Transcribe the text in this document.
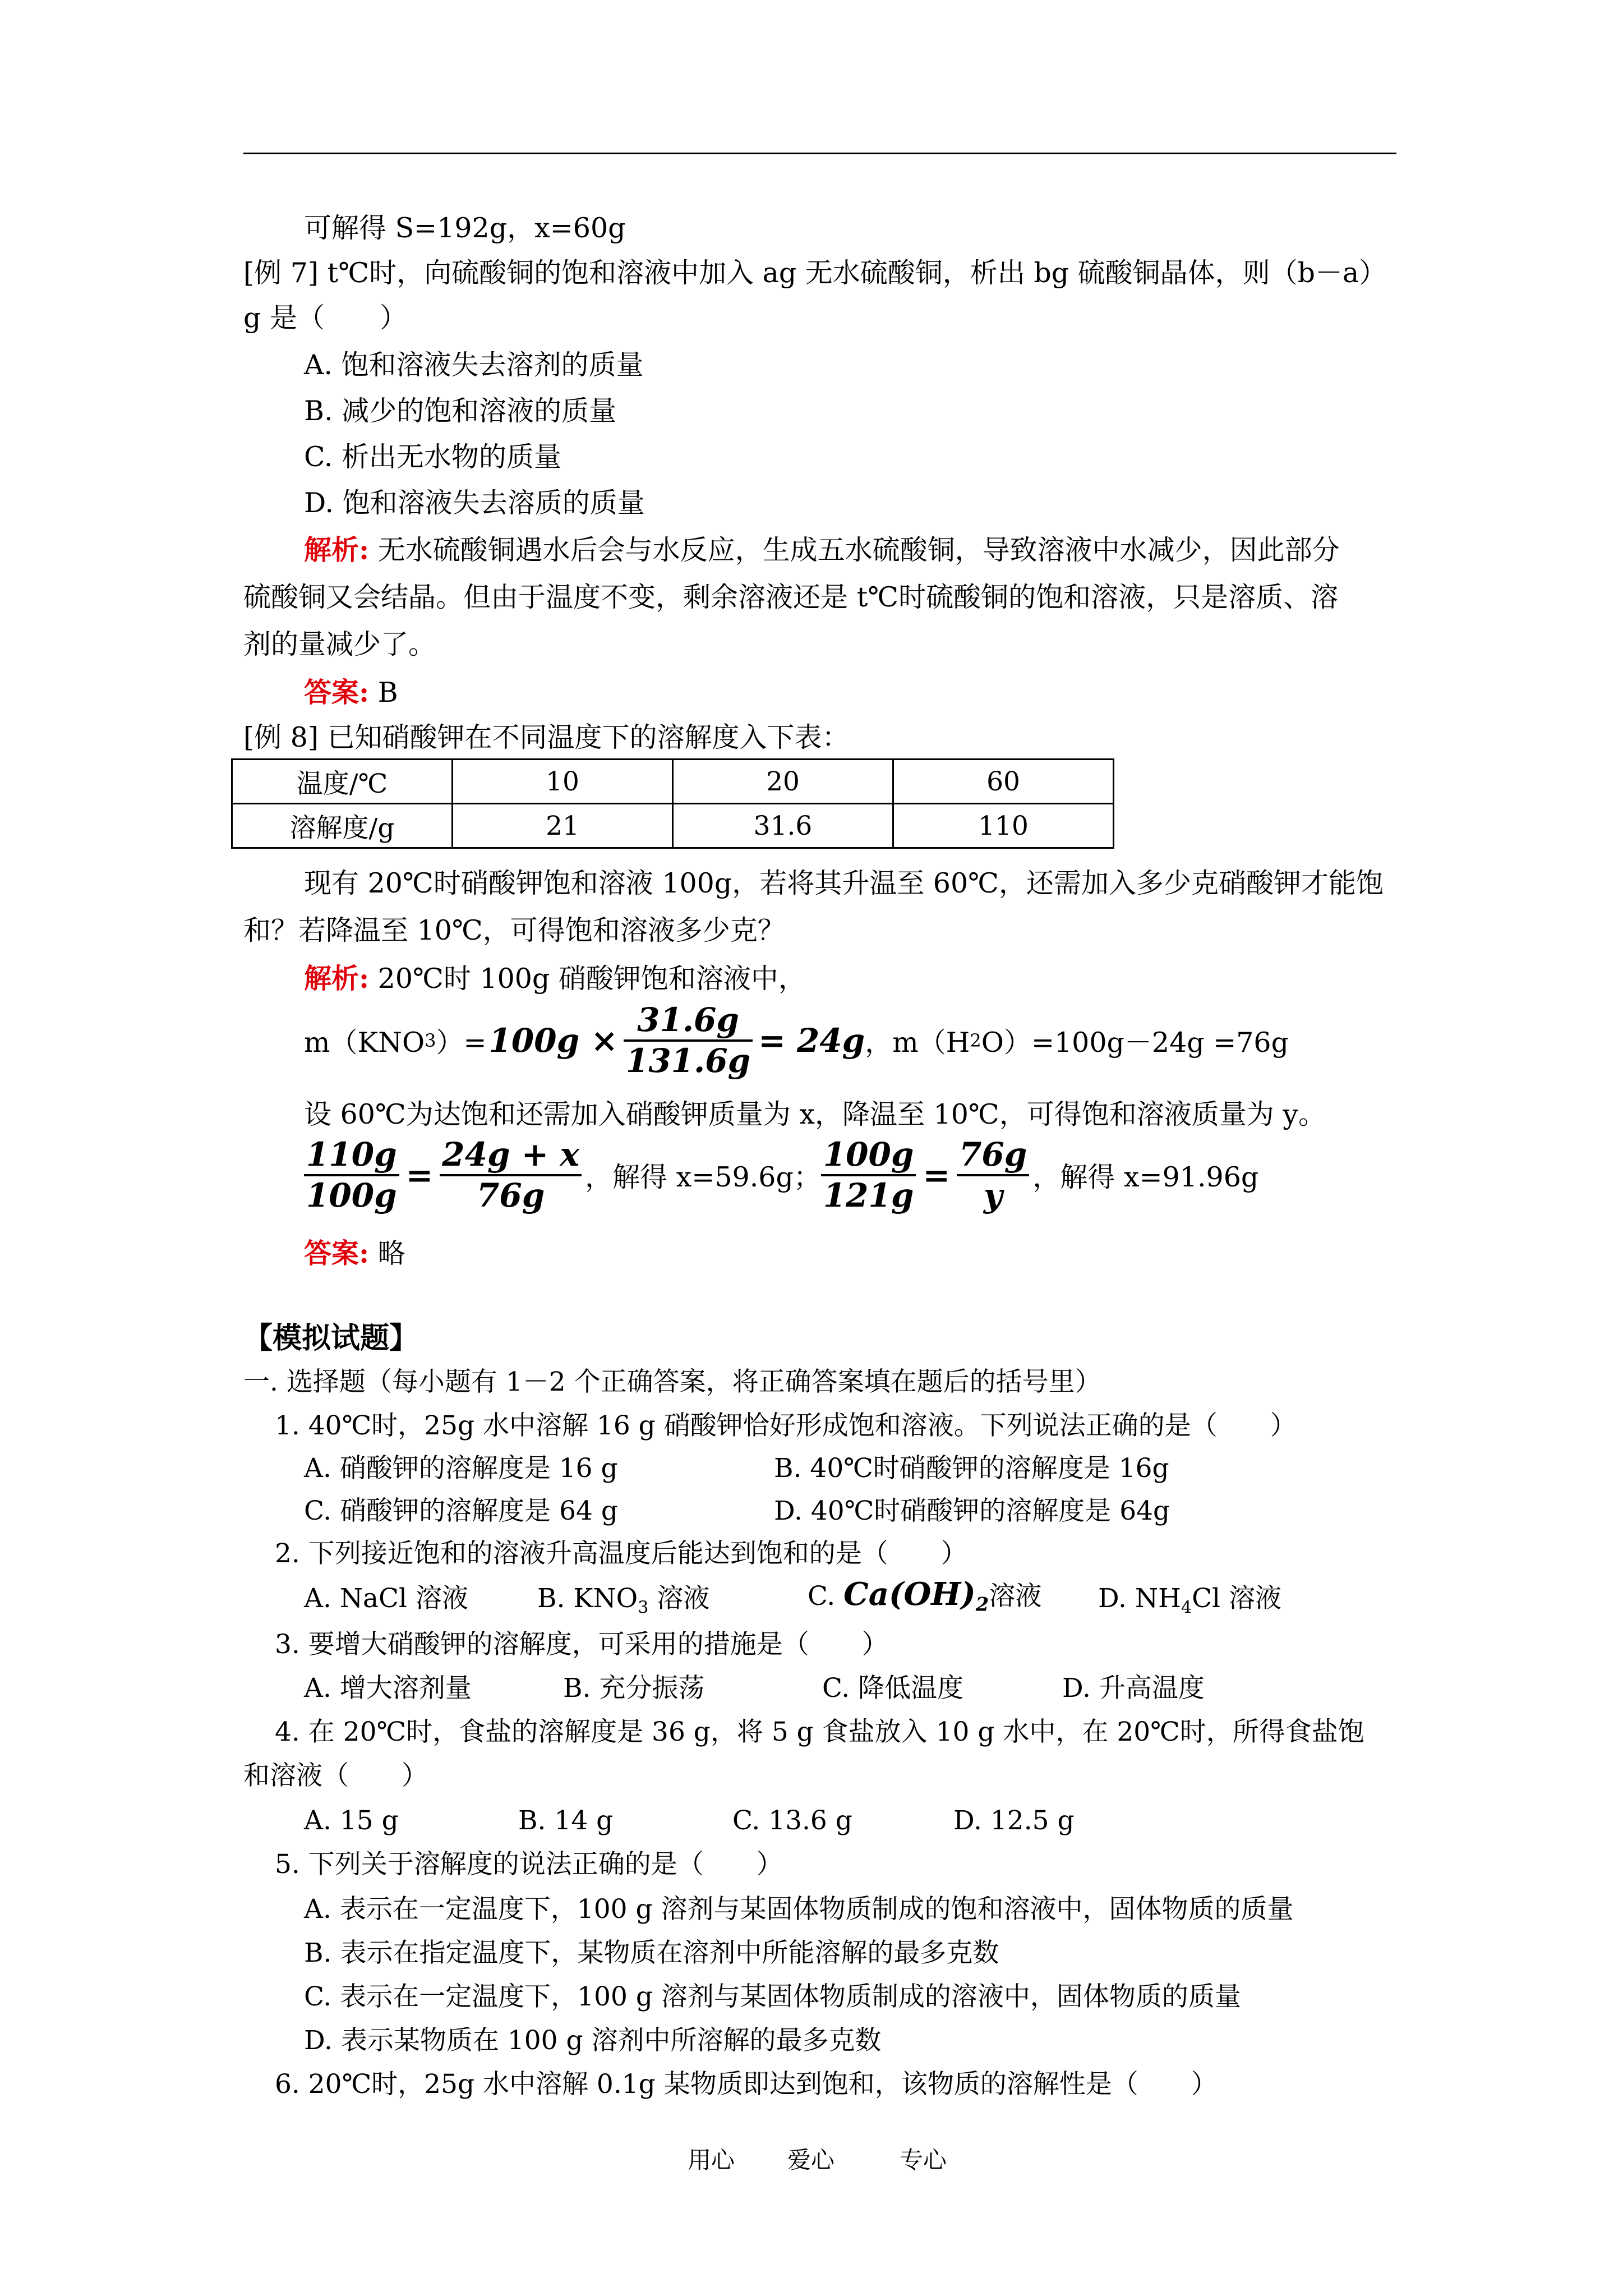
可解得 S=192g，x=60g
[例 7] t℃时，向硫酸铜的饱和溶液中加入 ag 无水硫酸铜，析出 bg 硫酸铜晶体，则（b－a）
g 是（　　）
A. 饱和溶液失去溶剂的质量
B. 减少的饱和溶液的质量
C. 析出无水物的质量
D. 饱和溶液失去溶质的质量
解析: 无水硫酸铜遇水后会与水反应，生成五水硫酸铜，导致溶液中水减少，因此部分
硫酸铜又会结晶。但由于温度不变，剩余溶液还是 t℃时硫酸铜的饱和溶液，只是溶质、溶
剂的量减少了。
答案: B
[例 8] 已知硝酸钾在不同温度下的溶解度入下表：
温度/℃	10	20	60
溶解度/g	21	31.6	110
现有 20℃时硝酸钾饱和溶液 100g，若将其升温至 60℃，还需加入多少克硝酸钾才能饱
和？若降温至 10℃，可得饱和溶液多少克？
解析: 20℃时 100g 硝酸钾饱和溶液中，
m（KNO 3 ）= $100g \times \frac{31.6g}{131.6g} = 24g$ ，m（H 2 O）=100g－24g =76g
设 60℃为达饱和还需加入硝酸钾质量为 x，降温至 10℃，可得饱和溶液质量为 y。
$\frac{110g}{100g} = \frac{24g + x}{76g}$ ，解得 x=59.6g； $\frac{100g}{121g} = \frac{76g}{y}$ ，解得 x=91.96g
答案: 略
【模拟试题】
一. 选择题（每小题有 1－2 个正确答案，将正确答案填在题后的括号里）
1. 40℃时，25g 水中溶解 16 g 硝酸钾恰好形成饱和溶液。下列说法正确的是（　　）
A. 硝酸钾的溶解度是 16 g	B. 40℃时硝酸钾的溶解度是 16g
C. 硝酸钾的溶解度是 64 g	D. 40℃时硝酸钾的溶解度是 64g
2. 下列接近饱和的溶液升高温度后能达到饱和的是（　　）
A. NaCl 溶液	B. $KNO_3$ 溶液	C. $Ca(OH)_2$溶液 D. $NH_4Cl$ 溶液
3. 要增大硝酸钾的溶解度，可采用的措施是（　　）
A. 增大溶剂量	B. 充分振荡	C. 降低温度	D. 升高温度
4. 在 20℃时，食盐的溶解度是 36 g，将 5 g 食盐放入 10 g 水中，在 20℃时，所得食盐饱
和溶液（　　）
A. 15 g	B. 14 g	C. 13.6 g	D. 12.5 g
5. 下列关于溶解度的说法正确的是（　　）
A. 表示在一定温度下，100 g 溶剂与某固体物质制成的饱和溶液中，固体物质的质量
B. 表示在指定温度下，某物质在溶剂中所能溶解的最多克数
C. 表示在一定温度下，100 g 溶剂与某固体物质制成的溶液中，固体物质的质量
D. 表示某物质在 100 g 溶剂中所溶解的最多克数
6. 20℃时，25g 水中溶解 0.1g 某物质即达到饱和，该物质的溶解性是（　　）
用心 爱心	专心
